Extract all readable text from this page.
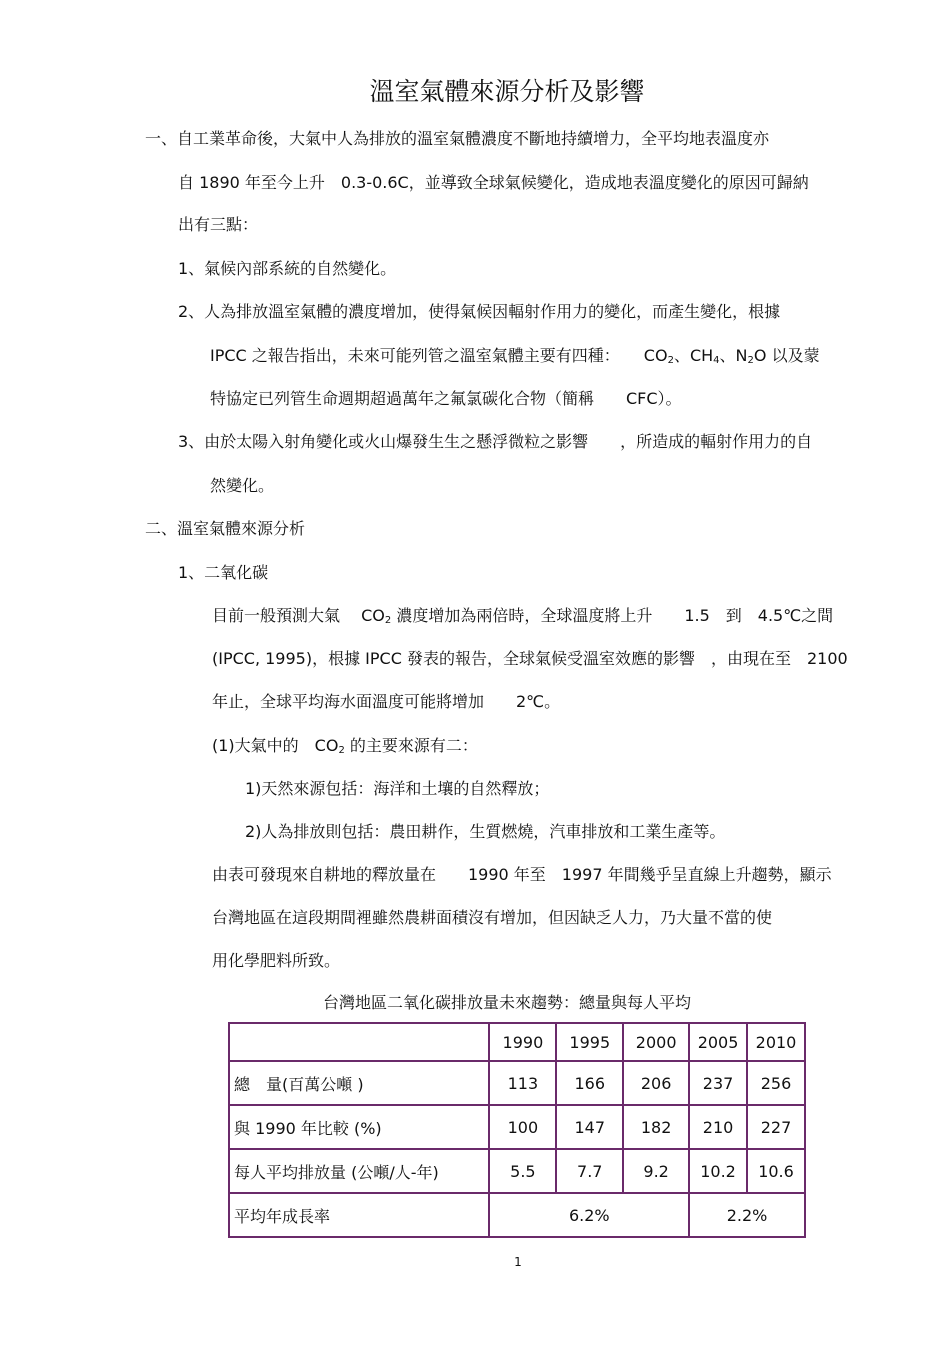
溫室氣體來源分析及影響
一、自工業革命後，大氣中人為排放的溫室氣體濃度不斷地持續增力，全平均地表溫度亦
自 1890 年至今上升　0.3-0.6C，並導致全球氣候變化，造成地表溫度變化的原因可歸納
出有三點：
1、氣候內部系統的自然變化。
2、人為排放溫室氣體的濃度增加，使得氣候因輻射作用力的變化，而產生變化，根據
IPCC 之報告指出，未來可能列管之溫室氣體主要有四種：　　$CO_2$、$CH_4$、$N_2O$ 以及蒙
特協定已列管生命週期超過萬年之氟氯碳化合物（簡稱　　CFC）。
3、由於太陽入射角變化或火山爆發生生之懸浮微粒之影響　　，所造成的輻射作用力的自
然變化。
二、溫室氣體來源分析
1、二氧化碳
目前一般預測大氣　 $CO_2$ 濃度增加為兩倍時，全球溫度將上升　　1.5　到　4.5℃之間
(IPCC, 1995)，根據 IPCC 發表的報告，全球氣候受溫室效應的影響　，由現在至　2100
年止，全球平均海水面溫度可能將增加　　2℃。
(1)大氣中的　$CO_2$ 的主要來源有二：
1)天然來源包括：海洋和土壤的自然釋放；
2)人為排放則包括：農田耕作，生質燃燒，汽車排放和工業生產等。
由表可發現來自耕地的釋放量在　　1990 年至　1997 年間幾乎呈直線上升趨勢，顯示
台灣地區在這段期間裡雖然農耕面積沒有增加，但因缺乏人力，乃大量不當的使
用化學肥料所致。
台灣地區二氧化碳排放量未來趨勢：總量與每人平均
	1990	1995	2000	2005	2010
總　量(百萬公噸 )	113	166	206	237	256
與 1990 年比較 (%)	100	147	182	210	227
每人平均排放量 (公噸/人-年)	5.5	7.7	9.2	10.2	10.6
平均年成長率	6.2%			2.2%	
1
